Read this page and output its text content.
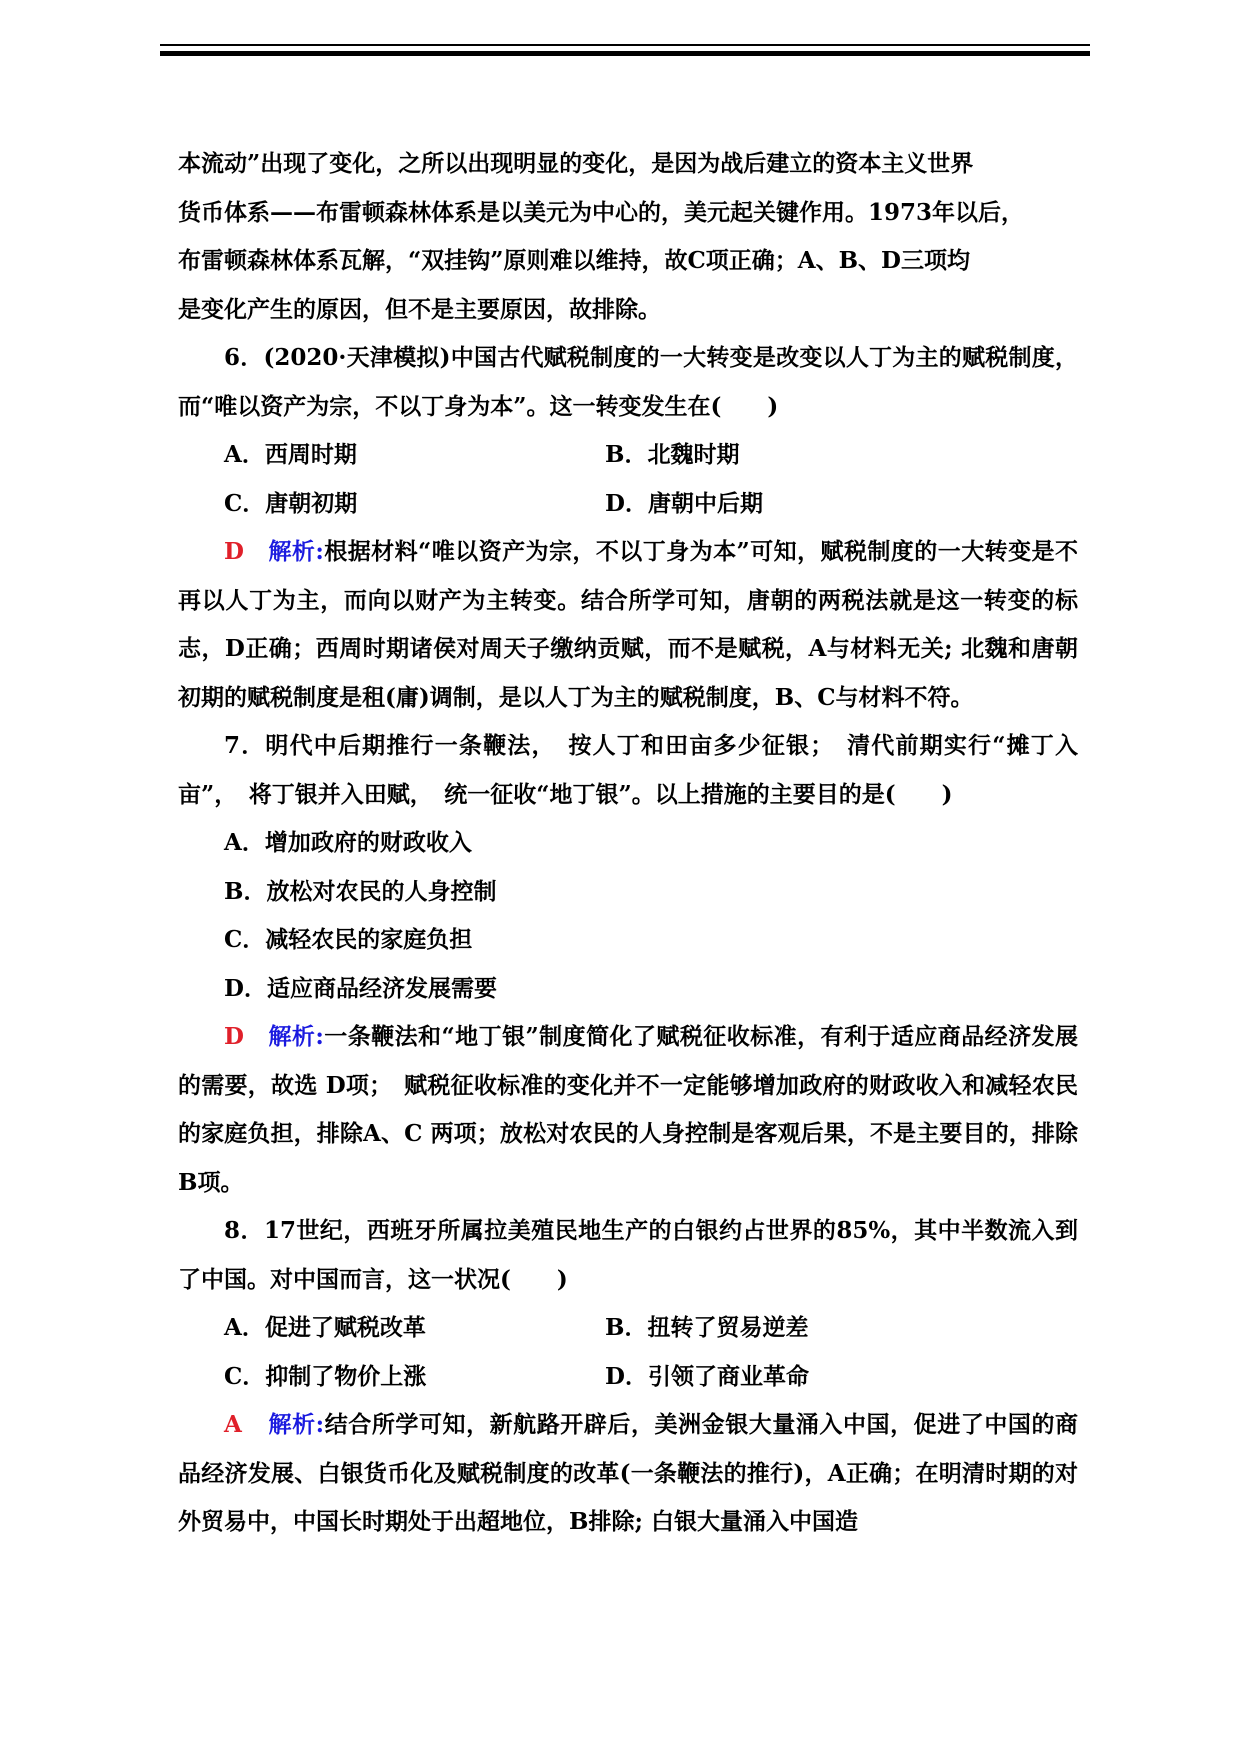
本流动”出现了变化，之所以出现明显的变化，是因为战后建立的资本主义世界
货币体系——布雷顿森林体系是以美元为中心的，美元起关键作用。1973年以后，
布雷顿森林体系瓦解，“双挂钩”原则难以维持，故C项正确；A、B、D三项均
是变化产生的原因，但不是主要原因，故排除。
6．(2020·天津模拟)中国古代赋税制度的一大转变是改变以人丁为主的赋税制度，而“唯以资产为宗，不以丁身为本”。这一转变发生在(　　)
A．西周时期	B．北魏时期
C．唐朝初期	D．唐朝中后期
D 解析:根据材料“唯以资产为宗，不以丁身为本”可知，赋税制度的一大转变是不再以人丁为主，而向以财产为主转变。结合所学可知，唐朝的两税法就是这一转变的标志，D正确；西周时期诸侯对周天子缴纳贡赋，而不是赋税，A与材料无关; 北魏和唐朝初期的赋税制度是租(庸)调制，是以人丁为主的赋税制度，B、C与材料不符。
7．明代中后期推行一条鞭法，　按人丁和田亩多少征银；　清代前期实行“摊丁入亩”，　将丁银并入田赋，　统一征收“地丁银”。以上措施的主要目的是(　　)
A．增加政府的财政收入
B．放松对农民的人身控制
C．减轻农民的家庭负担
D．适应商品经济发展需要
D 解析:一条鞭法和“地丁银”制度简化了赋税征收标准，有利于适应商品经济发展的需要，故选 D项；　赋税征收标准的变化并不一定能够增加政府的财政收入和减轻农民的家庭负担，排除A、C 两项；放松对农民的人身控制是客观后果，不是主要目的，排除B项。
8．17世纪，西班牙所属拉美殖民地生产的白银约占世界的85%，其中半数流入到了中国。对中国而言，这一状况(　　)
A．促进了赋税改革	B．扭转了贸易逆差
C．抑制了物价上涨	D．引领了商业革命
A 解析:结合所学可知，新航路开辟后，美洲金银大量涌入中国，促进了中国的商品经济发展、白银货币化及赋税制度的改革(一条鞭法的推行)，A正确；在明清时期的对外贸易中，中国长时期处于出超地位，B排除; 白银大量涌入中国造
